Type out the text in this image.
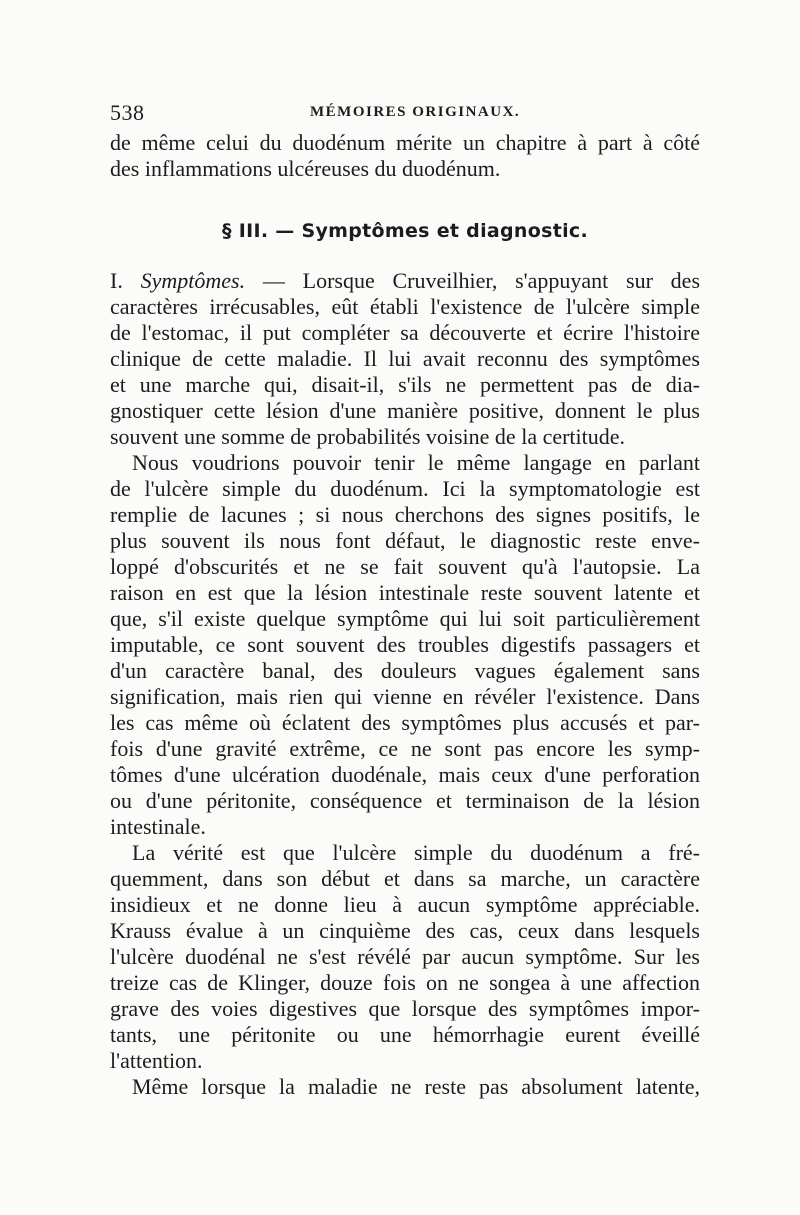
538	MÉMOIRES ORIGINAUX.
de même celui du duodénum mérite un chapitre à part à côté
des inflammations ulcéreuses du duodénum.
§ III. — Symptômes et diagnostic.
I. Symptômes. — Lorsque Cruveilhier, s'appuyant sur des
caractères irrécusables, eût établi l'existence de l'ulcère simple
de l'estomac, il put compléter sa découverte et écrire l'histoire
clinique de cette maladie. Il lui avait reconnu des symptômes
et une marche qui, disait-il, s'ils ne permettent pas de dia-
gnostiquer cette lésion d'une manière positive, donnent le plus
souvent une somme de probabilités voisine de la certitude.
Nous voudrions pouvoir tenir le même langage en parlant
de l'ulcère simple du duodénum. Ici la symptomatologie est
remplie de lacunes ; si nous cherchons des signes positifs, le
plus souvent ils nous font défaut, le diagnostic reste enve-
loppé d'obscurités et ne se fait souvent qu'à l'autopsie. La
raison en est que la lésion intestinale reste souvent latente et
que, s'il existe quelque symptôme qui lui soit particulièrement
imputable, ce sont souvent des troubles digestifs passagers et
d'un caractère banal, des douleurs vagues également sans
signification, mais rien qui vienne en révéler l'existence. Dans
les cas même où éclatent des symptômes plus accusés et par-
fois d'une gravité extrême, ce ne sont pas encore les symp-
tômes d'une ulcération duodénale, mais ceux d'une perforation
ou d'une péritonite, conséquence et terminaison de la lésion
intestinale.
La vérité est que l'ulcère simple du duodénum a fré-
quemment, dans son début et dans sa marche, un caractère
insidieux et ne donne lieu à aucun symptôme appréciable.
Krauss évalue à un cinquième des cas, ceux dans lesquels
l'ulcère duodénal ne s'est révélé par aucun symptôme. Sur les
treize cas de Klinger, douze fois on ne songea à une affection
grave des voies digestives que lorsque des symptômes impor-
tants, une péritonite ou une hémorrhagie eurent éveillé
l'attention.
Même lorsque la maladie ne reste pas absolument latente,
